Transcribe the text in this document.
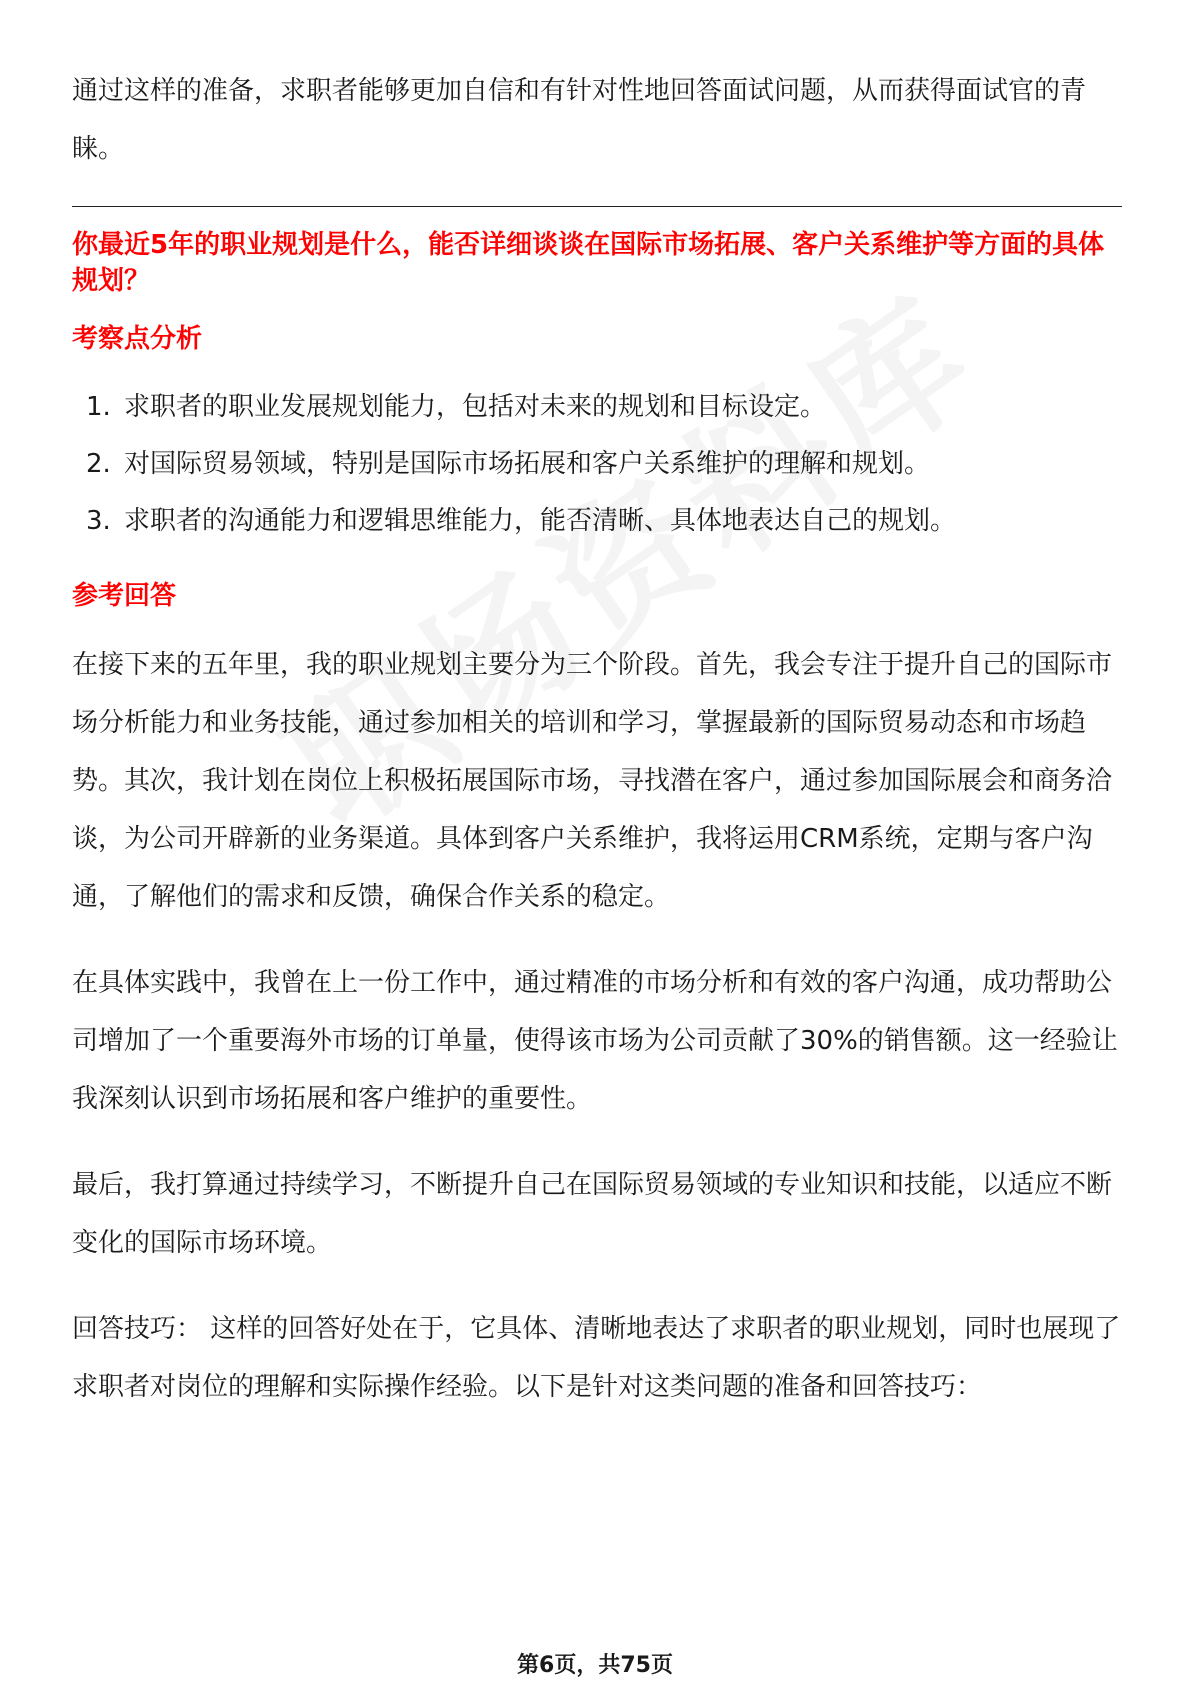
通过这样的准备，求职者能够更加自信和有针对性地回答面试问题，从而获得面试官的青睐。

你最近5年的职业规划是什么，能否详细谈谈在国际市场拓展、客户关系维护等方面的具体规划？

考察点分析

1. 求职者的职业发展规划能力，包括对未来的规划和目标设定。
2. 对国际贸易领域，特别是国际市场拓展和客户关系维护的理解和规划。
3. 求职者的沟通能力和逻辑思维能力，能否清晰、具体地表达自己的规划。

参考回答

在接下来的五年里，我的职业规划主要分为三个阶段。首先，我会专注于提升自己的国际市场分析能力和业务技能，通过参加相关的培训和学习，掌握最新的国际贸易动态和市场趋势。其次，我计划在岗位上积极拓展国际市场，寻找潜在客户，通过参加国际展会和商务洽谈，为公司开辟新的业务渠道。具体到客户关系维护，我将运用CRM系统，定期与客户沟通，了解他们的需求和反馈，确保合作关系的稳定。

在具体实践中，我曾在上一份工作中，通过精准的市场分析和有效的客户沟通，成功帮助公司增加了一个重要海外市场的订单量，使得该市场为公司贡献了30%的销售额。这一经验让我深刻认识到市场拓展和客户维护的重要性。

最后，我打算通过持续学习，不断提升自己在国际贸易领域的专业知识和技能，以适应不断变化的国际市场环境。

回答技巧： 这样的回答好处在于，它具体、清晰地表达了求职者的职业规划，同时也展现了求职者对岗位的理解和实际操作经验。以下是针对这类问题的准备和回答技巧：

第6页，共75页
